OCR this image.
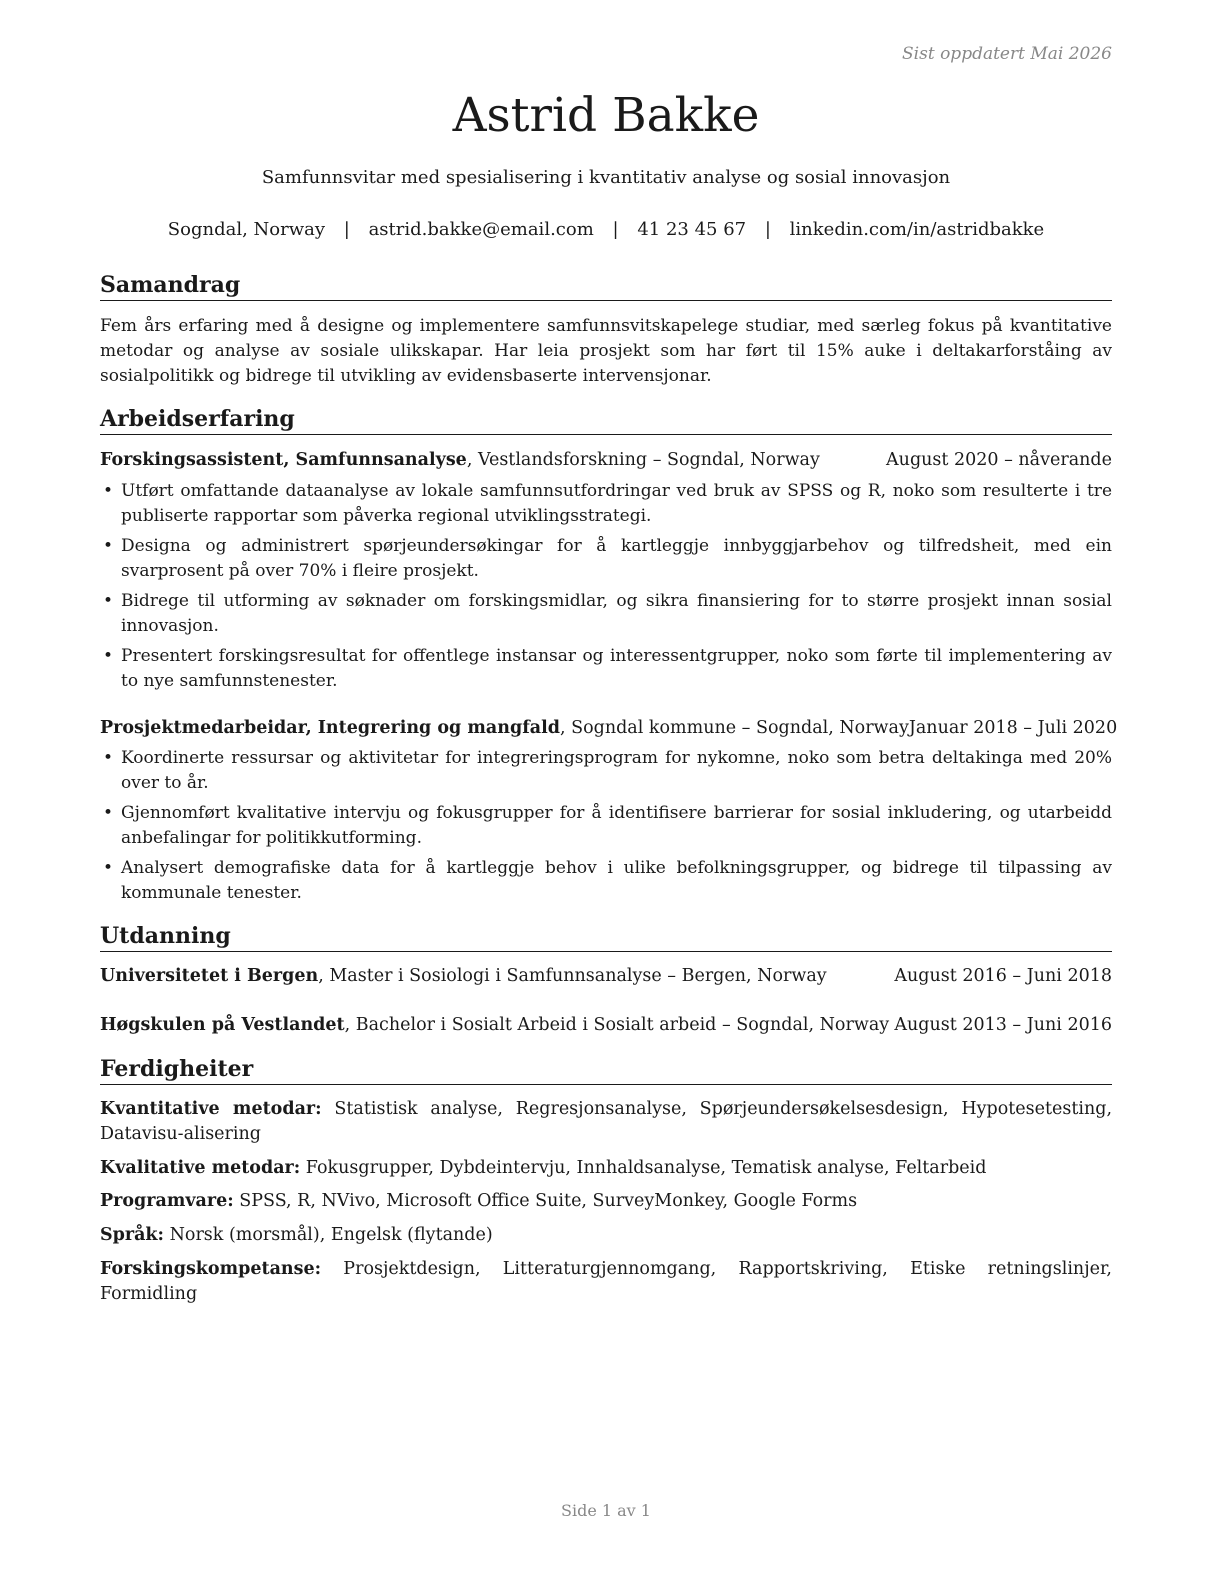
Sist oppdatert Mai 2026
Astrid Bakke
Samfunnsvitar med spesialisering i kvantitativ analyse og sosial innovasjon
Sogndal, Norway | astrid.bakke@email.com | 41 23 45 67 | linkedin.com/in/astridbakke
Samandrag

Fem års erfaring med å designe og implementere samfunnsvitskapelege studiar, med særleg fokus på kvantitative metodar og analyse av sosiale ulikskapar. Har leia prosjekt som har ført til 15% auke i deltakarforståing av sosialpolitikk og bidrege til utvikling av evidensbaserte intervensjonar.

Arbeidserfaring
Forskingsassistent, Samfunnsanalyse, Vestlandsforskning – Sogndal, Norway	August 2020 – nåverande
• Utført omfattande dataanalyse av lokale samfunnsutfordringar ved bruk av SPSS og R, noko som resulterte i tre publiserte rapportar som påverka regional utviklingsstrategi.
• Designa og administrert spørjeundersøkingar for å kartleggje innbyggjarbehov og tilfredsheit, med ein svarprosent på over 70% i fleire prosjekt.
• Bidrege til utforming av søknader om forskingsmidlar, og sikra finansiering for to større prosjekt innan sosial innovasjon.
• Presentert forskingsresultat for offentlege instansar og interessentgrupper, noko som førte til implementering av to nye samfunnstenester.
Prosjektmedarbeidar, Integrering og mangfald, Sogndal kommune – Sogndal, Norway Januar 2018 – Juli 2020
• Koordinerte ressursar og aktivitetar for integreringsprogram for nykomne, noko som betra deltakinga med 20% over to år.
• Gjennomført kvalitative intervju og fokusgrupper for å identifisere barrierar for sosial inkludering, og utarbeidd anbefalingar for politikkutforming.
• Analysert demografiske data for å kartleggje behov i ulike befolkningsgrupper, og bidrege til tilpassing av kommunale tenester.
Utdanning
Universitetet i Bergen, Master i Sosiologi i Samfunnsanalyse – Bergen, Norway	August 2016 – Juni 2018
Høgskulen på Vestlandet, Bachelor i Sosialt Arbeid i Sosialt arbeid – Sogndal, Norway August 2013 – Juni 2016
Ferdigheiter
Kvantitative metodar: Statistisk analyse, Regresjonsanalyse, Spørjeundersøkelsesdesign, Hypotesetesting, Datavisu-alisering
Kvalitative metodar: Fokusgrupper, Dybdeintervju, Innhaldsanalyse, Tematisk analyse, Feltarbeid
Programvare: SPSS, R, NVivo, Microsoft Office Suite, SurveyMonkey, Google Forms
Språk: Norsk (morsmål), Engelsk (flytande)
Forskingskompetanse: Prosjektdesign, Litteraturgjennomgang, Rapportskriving, Etiske retningslinjer, Formidling
Side 1 av 1
